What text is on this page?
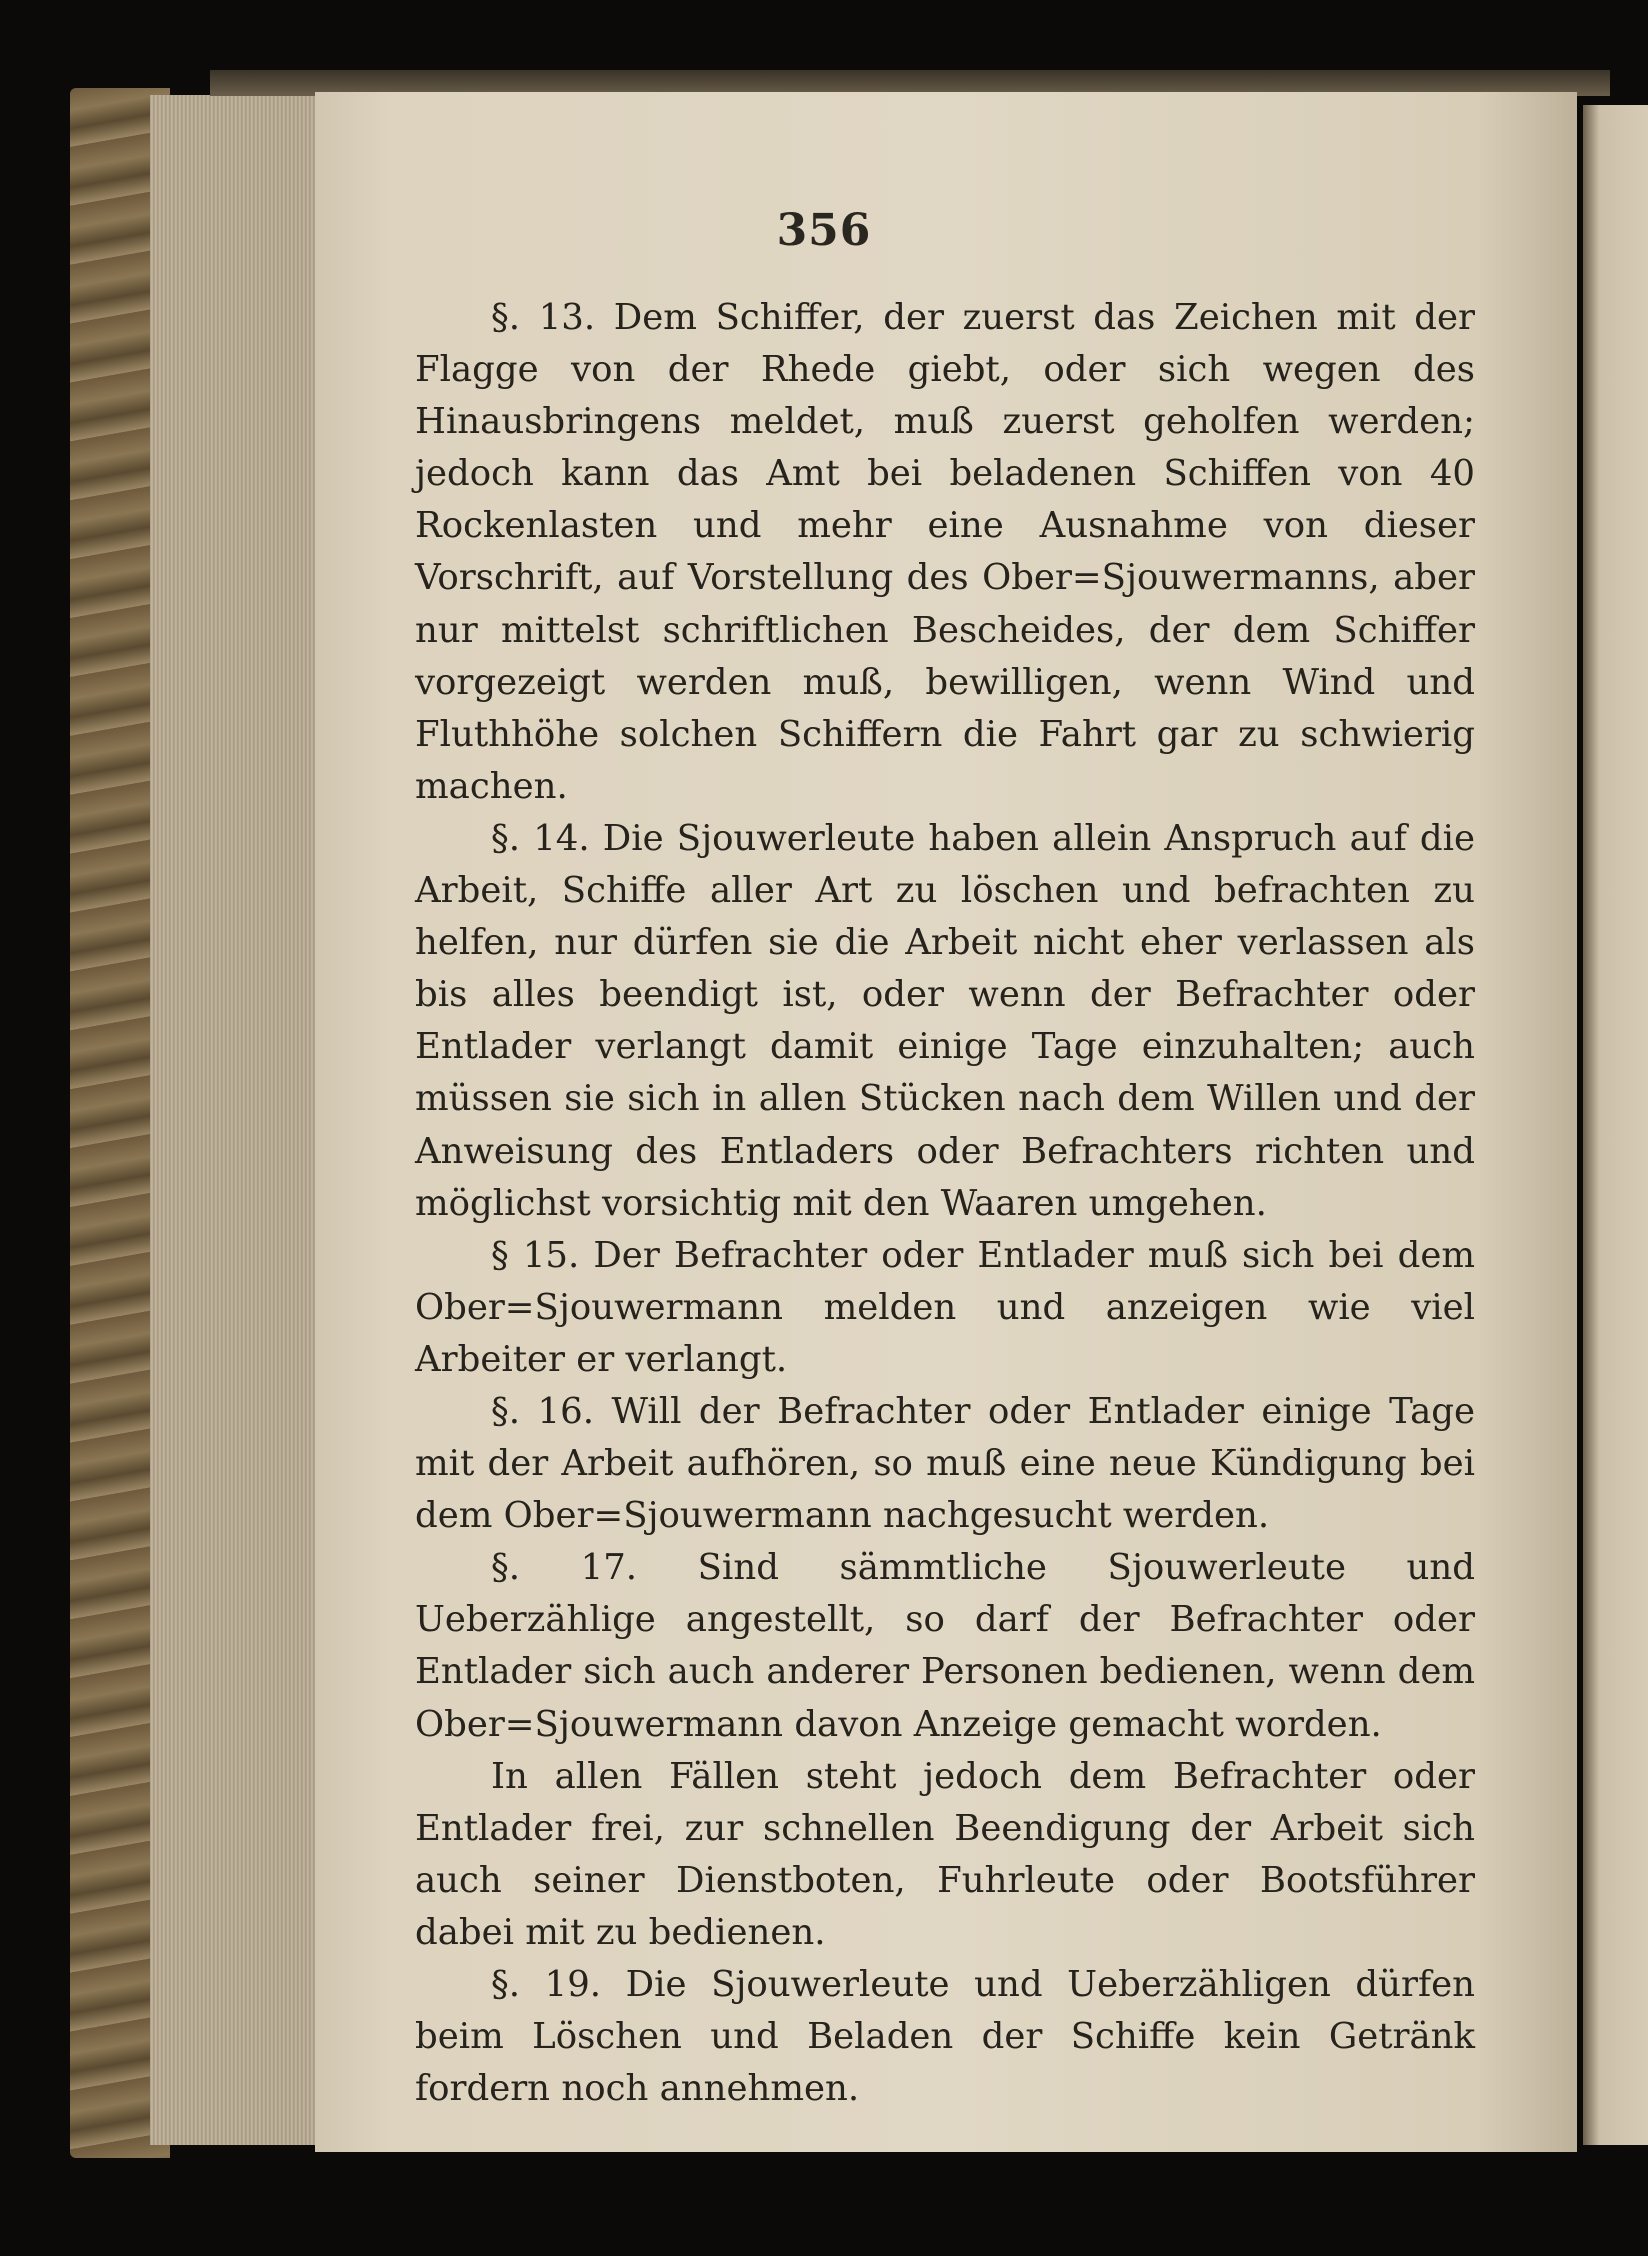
356

§. 13. Dem Schiffer, der zuerst das Zeichen mit der Flagge von der Rhede giebt, oder sich wegen des Hinausbringens meldet, muß zuerst geholfen werden; jedoch kann das Amt bei beladenen Schiffen von 40 Rockenlasten und mehr eine Ausnahme von dieser Vorschrift, auf Vorstellung des Ober=Sjouwermanns, aber nur mittelst schriftlichen Bescheides, der dem Schiffer vorgezeigt werden muß, bewilligen, wenn Wind und Fluthhöhe solchen Schiffern die Fahrt gar zu schwierig machen.

§. 14. Die Sjouwerleute haben allein Anspruch auf die Arbeit, Schiffe aller Art zu löschen und befrachten zu helfen, nur dürfen sie die Arbeit nicht eher verlassen als bis alles beendigt ist, oder wenn der Befrachter oder Entlader verlangt damit einige Tage einzuhalten; auch müssen sie sich in allen Stücken nach dem Willen und der Anweisung des Entladers oder Befrachters richten und möglichst vorsichtig mit den Waaren umgehen.

§ 15. Der Befrachter oder Entlader muß sich bei dem Ober=Sjouwermann melden und anzeigen wie viel Arbeiter er verlangt.

§. 16. Will der Befrachter oder Entlader einige Tage mit der Arbeit aufhören, so muß eine neue Kündigung bei dem Ober=Sjouwermann nachgesucht werden.

§. 17. Sind sämmtliche Sjouwerleute und Ueberzählige angestellt, so darf der Befrachter oder Entlader sich auch anderer Personen bedienen, wenn dem Ober=Sjouwermann davon Anzeige gemacht worden.

In allen Fällen steht jedoch dem Befrachter oder Entlader frei, zur schnellen Beendigung der Arbeit sich auch seiner Dienstboten, Fuhrleute oder Bootsführer dabei mit zu bedienen.

§. 19. Die Sjouwerleute und Ueberzähligen dürfen beim Löschen und Beladen der Schiffe kein Getränk fordern noch annehmen.
